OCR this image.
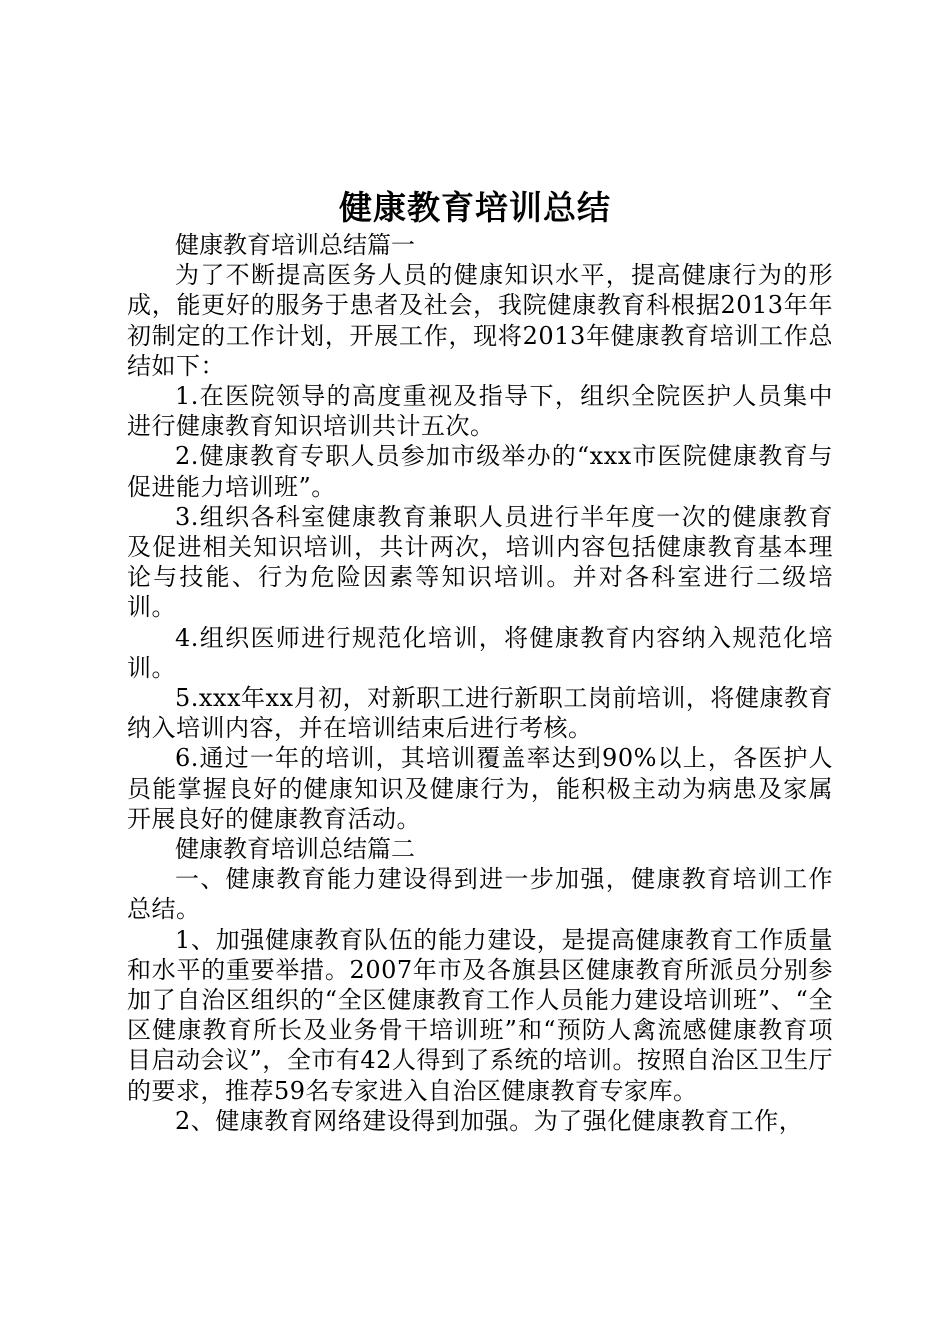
健康教育培训总结

健康教育培训总结篇一

为了不断提高医务人员的健康知识水平，提高健康行为的形成，能更好的服务于患者及社会，我院健康教育科根据2013年年初制定的工作计划，开展工作，现将2013年健康教育培训工作总结如下：

1.在医院领导的高度重视及指导下，组织全院医护人员集中进行健康教育知识培训共计五次。

2.健康教育专职人员参加市级举办的“xxx市医院健康教育与促进能力培训班”。

3.组织各科室健康教育兼职人员进行半年度一次的健康教育及促进相关知识培训，共计两次，培训内容包括健康教育基本理论与技能、行为危险因素等知识培训。并对各科室进行二级培训。

4.组织医师进行规范化培训，将健康教育内容纳入规范化培训。

5.xxx年xx月初，对新职工进行新职工岗前培训，将健康教育纳入培训内容，并在培训结束后进行考核。

6.通过一年的培训，其培训覆盖率达到90%以上，各医护人员能掌握良好的健康知识及健康行为，能积极主动为病患及家属开展良好的健康教育活动。

健康教育培训总结篇二

一、健康教育能力建设得到进一步加强，健康教育培训工作总结。

1、加强健康教育队伍的能力建设，是提高健康教育工作质量和水平的重要举措。2007年市及各旗县区健康教育所派员分别参加了自治区组织的“全区健康教育工作人员能力建设培训班”、“全区健康教育所长及业务骨干培训班”和“预防人禽流感健康教育项目启动会议”，全市有42人得到了系统的培训。按照自治区卫生厅的要求，推荐59名专家进入自治区健康教育专家库。

2、健康教育网络建设得到加强。为了强化健康教育工作，
